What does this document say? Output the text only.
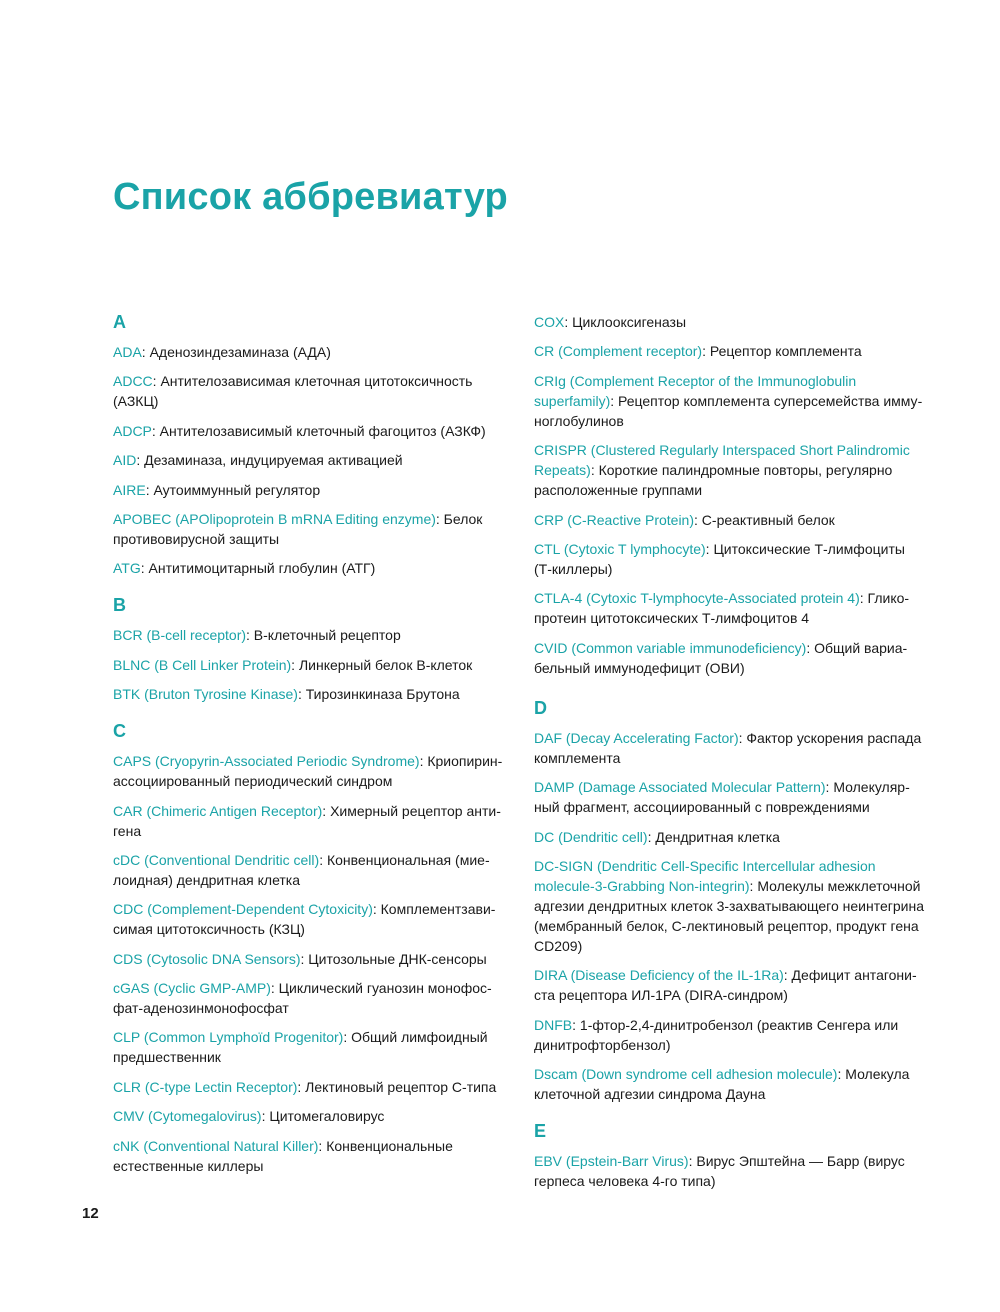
Список аббревиатур
A
ADA: Аденозиндезаминаза (АДА)
ADCC: Антителозависимая клеточная цитотоксичность (АЗКЦ)
ADCP: Антителозависимый клеточный фагоцитоз (АЗКФ)
AID: Дезаминаза, индуцируемая активацией
AIRE: Аутоиммунный регулятор
APOBEC (APOlipoprotein B mRNA Editing enzyme): Белок противовирусной защиты
ATG: Антитимоцитарный глобулин (АТГ)
B
BCR (B-cell receptor): В-клеточный рецептор
BLNC (B Cell Linker Protein): Линкерный белок В-клеток
BTK (Bruton Tyrosine Kinase): Тирозинкиназа Брутона
C
CAPS (Cryopyrin-Associated Periodic Syndrome): Криопирин-ассоциированный периодический синдром
CAR (Chimeric Antigen Receptor): Химерный рецептор антигена
cDC (Conventional Dendritic cell): Конвенциональная (миелоидная) дендритная клетка
CDC (Complement-Dependent Cytoxicity): Комплементзависимая цитотоксичность (КЗЦ)
CDS (Cytosolic DNA Sensors): Цитозольные ДНК-сенсоры
cGAS (Cyclic GMP-AMP): Циклический гуанозин монофосфат-аденозинмонофосфат
CLP (Common Lymphoïd Progenitor): Общий лимфоидный предшественник
CLR (C-type Lectin Receptor): Лектиновый рецептор С-типа
CMV (Cytomegalovirus): Цитомегаловирус
cNK (Conventional Natural Killer): Конвенциональные естественные киллеры
COX: Циклооксигеназы
CR (Complement receptor): Рецептор комплемента
CRIg (Complement Receptor of the Immunoglobulin superfamily): Рецептор комплемента суперсемейства иммуноглобулинов
CRISPR (Clustered Regularly Interspaced Short Palindromic Repeats): Короткие палиндромные повторы, регулярно расположенные группами
CRP (C-Reactive Protein): С-реактивный белок
CTL (Cytoxic T lymphocyte): Цитоксические Т-лимфоциты (Т-киллеры)
CTLA-4 (Cytoxic T-lymphocyte-Associated protein 4): Гликопротеин цитотоксических Т-лимфоцитов 4
CVID (Common variable immunodeficiency): Общий вариабельный иммунодефицит (ОВИ)
D
DAF (Decay Accelerating Factor): Фактор ускорения распада комплемента
DAMP (Damage Associated Molecular Pattern): Молекулярный фрагмент, ассоциированный с повреждениями
DC (Dendritic cell): Дендритная клетка
DC-SIGN (Dendritic Cell-Specific Intercellular adhesion molecule-3-Grabbing Non-integrin): Молекулы межклеточной адгезии дендритных клеток 3-захватывающего неинтегрина (мембранный белок, С-лектиновый рецептор, продукт гена CD209)
DIRA (Disease Deficiency of the IL-1Ra): Дефицит антагониста рецептора ИЛ-1РА (DIRA-синдром)
DNFB: 1-фтор-2,4-динитробензол (реактив Сенгера или динитрофторбензол)
Dscam (Down syndrome cell adhesion molecule): Молекула клеточной адгезии синдрома Дауна
E
EBV (Epstein-Barr Virus): Вирус Эпштейна — Барр (вирус герпеса человека 4-го типа)
12
